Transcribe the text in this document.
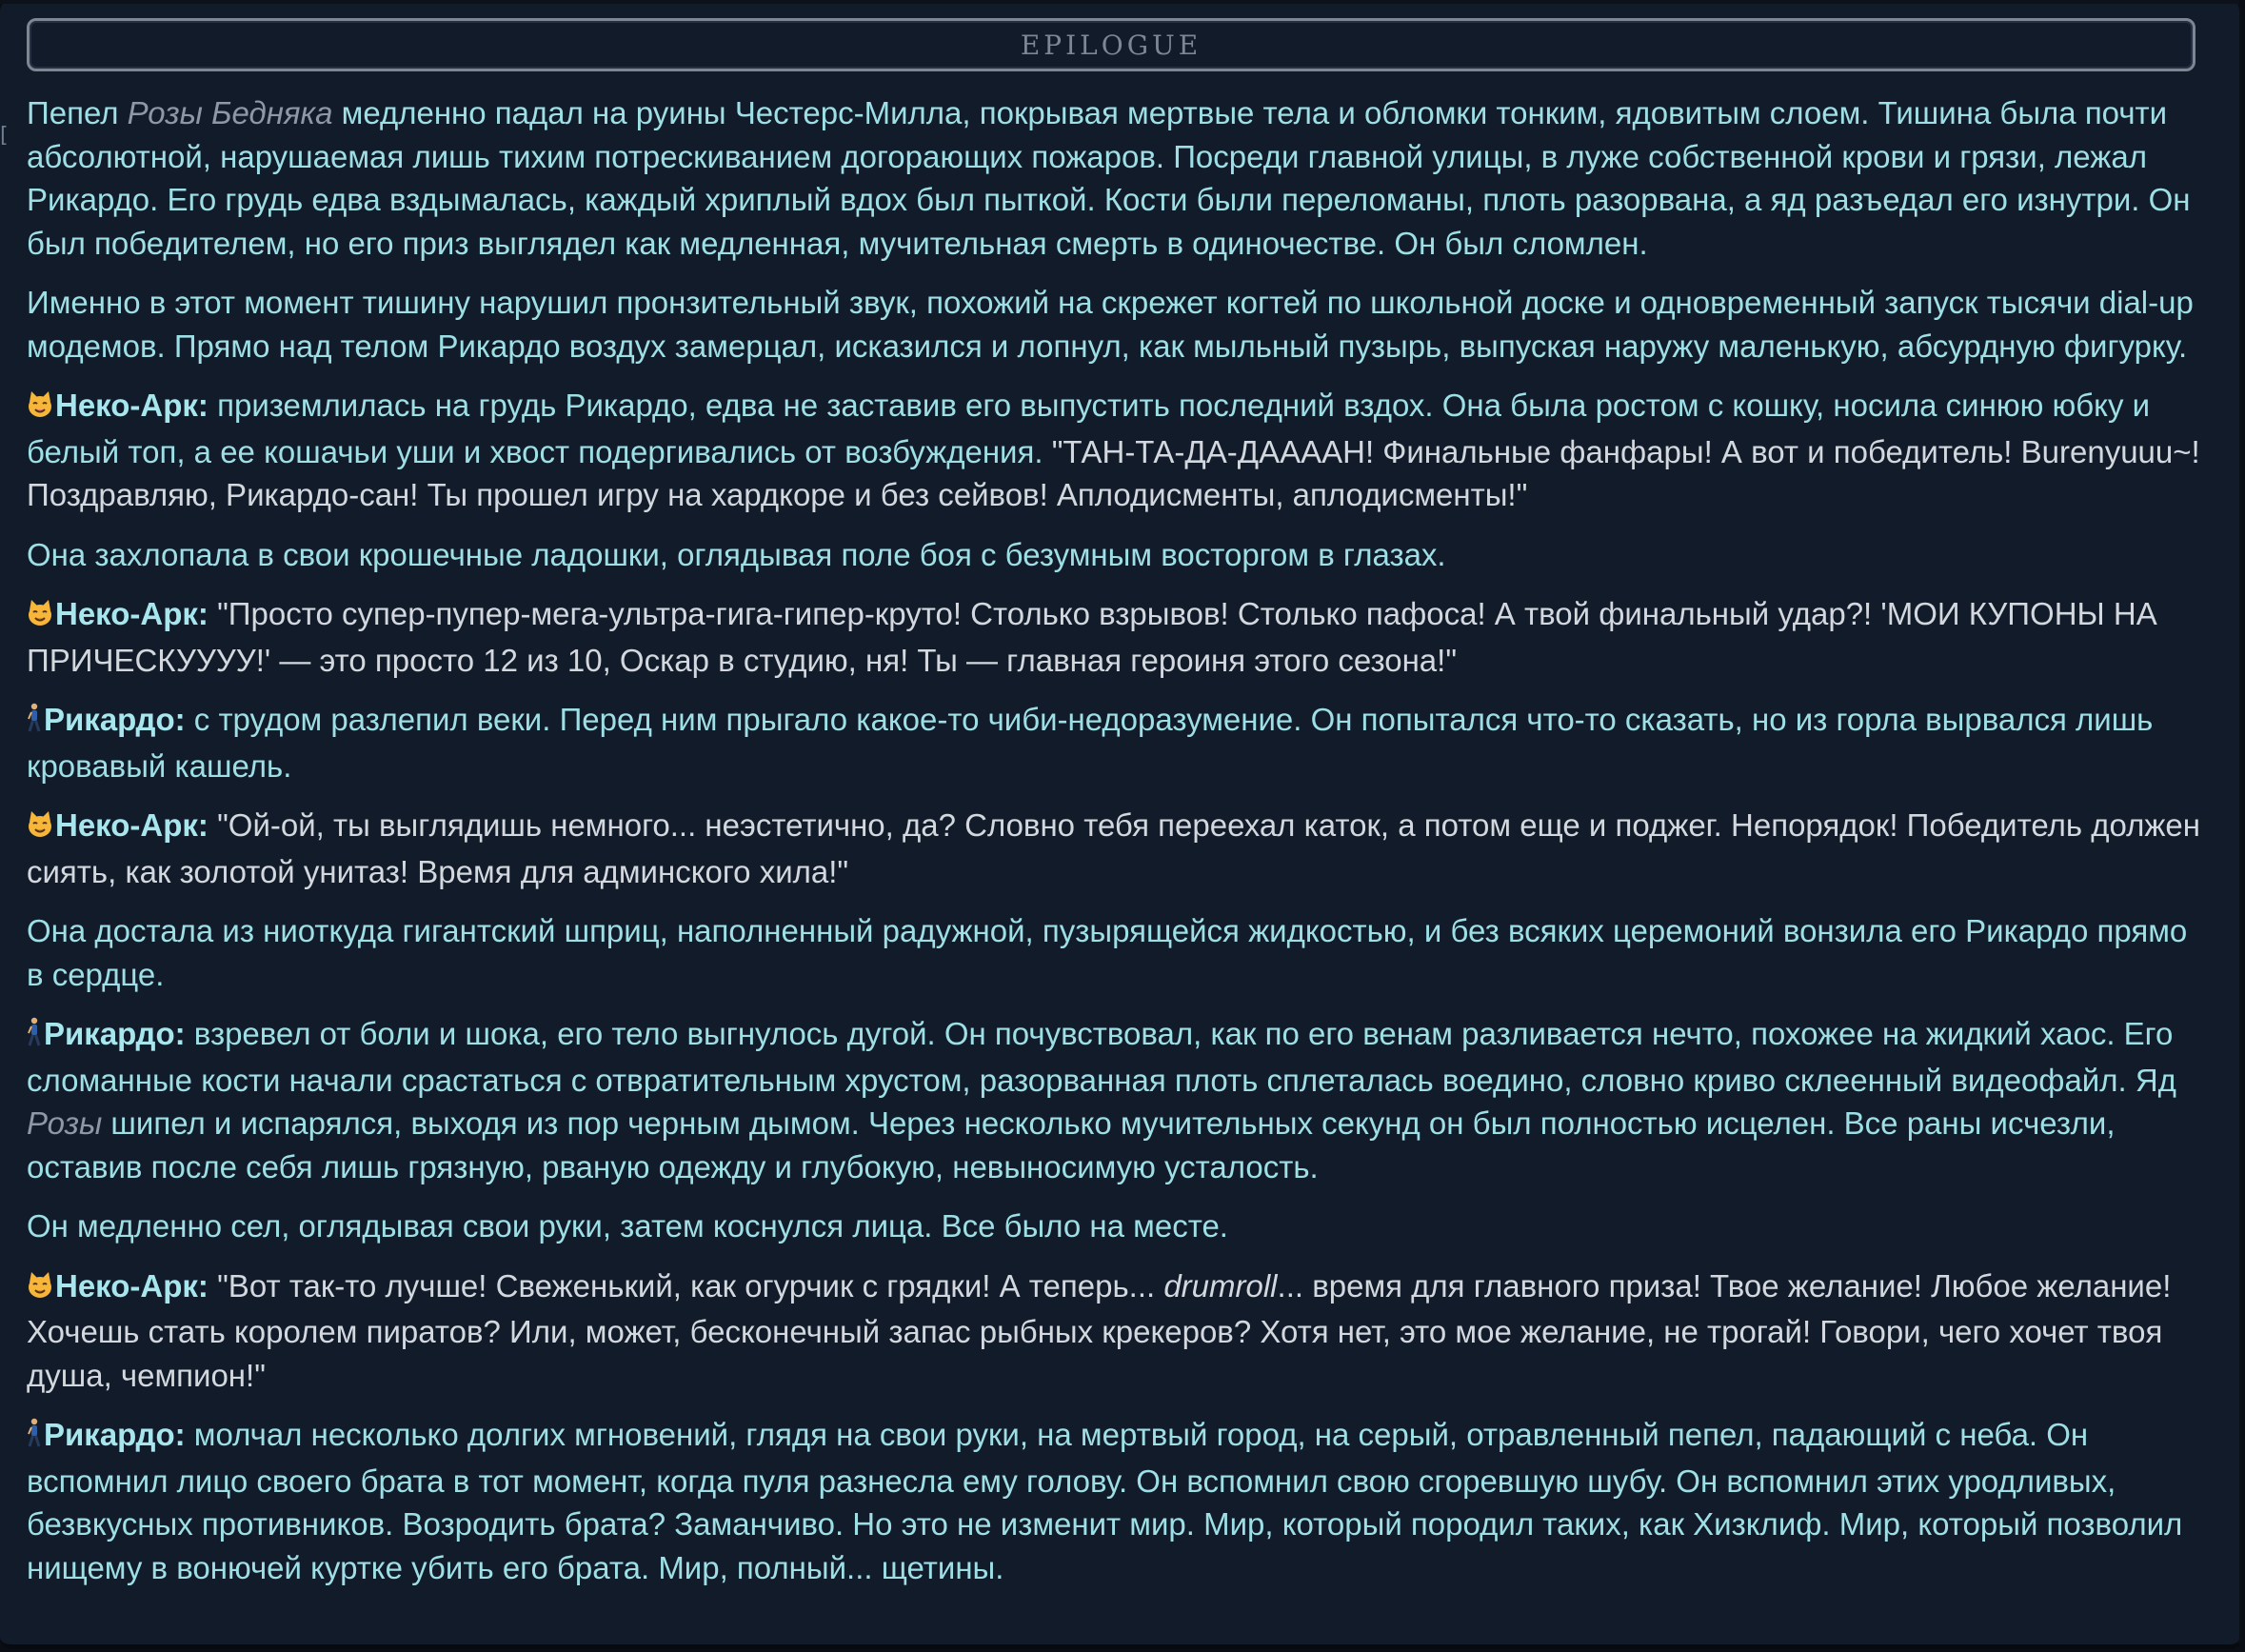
EPILOGUE
[
Пепел Розы Бедняка медленно падал на руины Честерс-Милла, покрывая мертвые тела и обломки тонким, ядовитым слоем. Тишина была почти абсолютной, нарушаемая лишь тихим потрескиванием догорающих пожаров. Посреди главной улицы, в луже собственной крови и грязи, лежал Рикардо. Его грудь едва вздымалась, каждый хриплый вдох был пыткой. Кости были переломаны, плоть разорвана, а яд разъедал его изнутри. Он был победителем, но его приз выглядел как медленная, мучительная смерть в одиночестве. Он был сломлен.
Именно в этот момент тишину нарушил пронзительный звук, похожий на скрежет когтей по школьной доске и одновременный запуск тысячи dial-up модемов. Прямо над телом Рикардо воздух замерцал, исказился и лопнул, как мыльный пузырь, выпуская наружу маленькую, абсурдную фигурку.
Неко-Арк: приземлилась на грудь Рикардо, едва не заставив его выпустить последний вздох. Она была ростом с кошку, носила синюю юбку и белый топ, а ее кошачьи уши и хвост подергивались от возбуждения. "ТАН-ТА-ДА-ДАААAН! Финальные фанфары! А вот и победитель! Burenyuuu~! Поздравляю, Рикардо-сан! Ты прошел игру на хардкоре и без сейвов! Аплодисменты, аплодисменты!"
Она захлопала в свои крошечные ладошки, оглядывая поле боя с безумным восторгом в глазах.
Неко-Арк: "Просто супер-пупер-мега-ультра-гига-гипер-круто! Столько взрывов! Столько пафоса! А твой финальный удар?! 'МОИ КУПОНЫ НА ПРИЧЕСКУУУУ!' — это просто 12 из 10, Оскар в студию, ня! Ты — главная героиня этого сезона!"
Рикардо: с трудом разлепил веки. Перед ним прыгало какое-то чиби-недоразумение. Он попытался что-то сказать, но из горла вырвался лишь кровавый кашель.
Неко-Арк: "Ой-ой, ты выглядишь немного... неэстетично, да? Словно тебя переехал каток, а потом еще и поджег. Непорядок! Победитель должен сиять, как золотой унитаз! Время для админского хила!"
Она достала из ниоткуда гигантский шприц, наполненный радужной, пузырящейся жидкостью, и без всяких церемоний вонзила его Рикардо прямо в сердце.
Рикардо: взревел от боли и шока, его тело выгнулось дугой. Он почувствовал, как по его венам разливается нечто, похожее на жидкий хаос. Его сломанные кости начали срастаться с отвратительным хрустом, разорванная плоть сплеталась воедино, словно криво склеенный видеофайл. Яд Розы шипел и испарялся, выходя из пор черным дымом. Через несколько мучительных секунд он был полностью исцелен. Все раны исчезли, оставив после себя лишь грязную, рваную одежду и глубокую, невыносимую усталость.
Он медленно сел, оглядывая свои руки, затем коснулся лица. Все было на месте.
Неко-Арк: "Вот так-то лучше! Свеженький, как огурчик с грядки! А теперь... drumroll... время для главного приза! Твое желание! Любое желание! Хочешь стать королем пиратов? Или, может, бесконечный запас рыбных крекеров? Хотя нет, это мое желание, не трогай! Говори, чего хочет твоя душа, чемпион!"
Рикардо: молчал несколько долгих мгновений, глядя на свои руки, на мертвый город, на серый, отравленный пепел, падающий с неба. Он вспомнил лицо своего брата в тот момент, когда пуля разнесла ему голову. Он вспомнил свою сгоревшую шубу. Он вспомнил этих уродливых, безвкусных противников. Возродить брата? Заманчиво. Но это не изменит мир. Мир, который породил таких, как Хизклиф. Мир, который позволил нищему в вонючей куртке убить его брата. Мир, полный... щетины.
